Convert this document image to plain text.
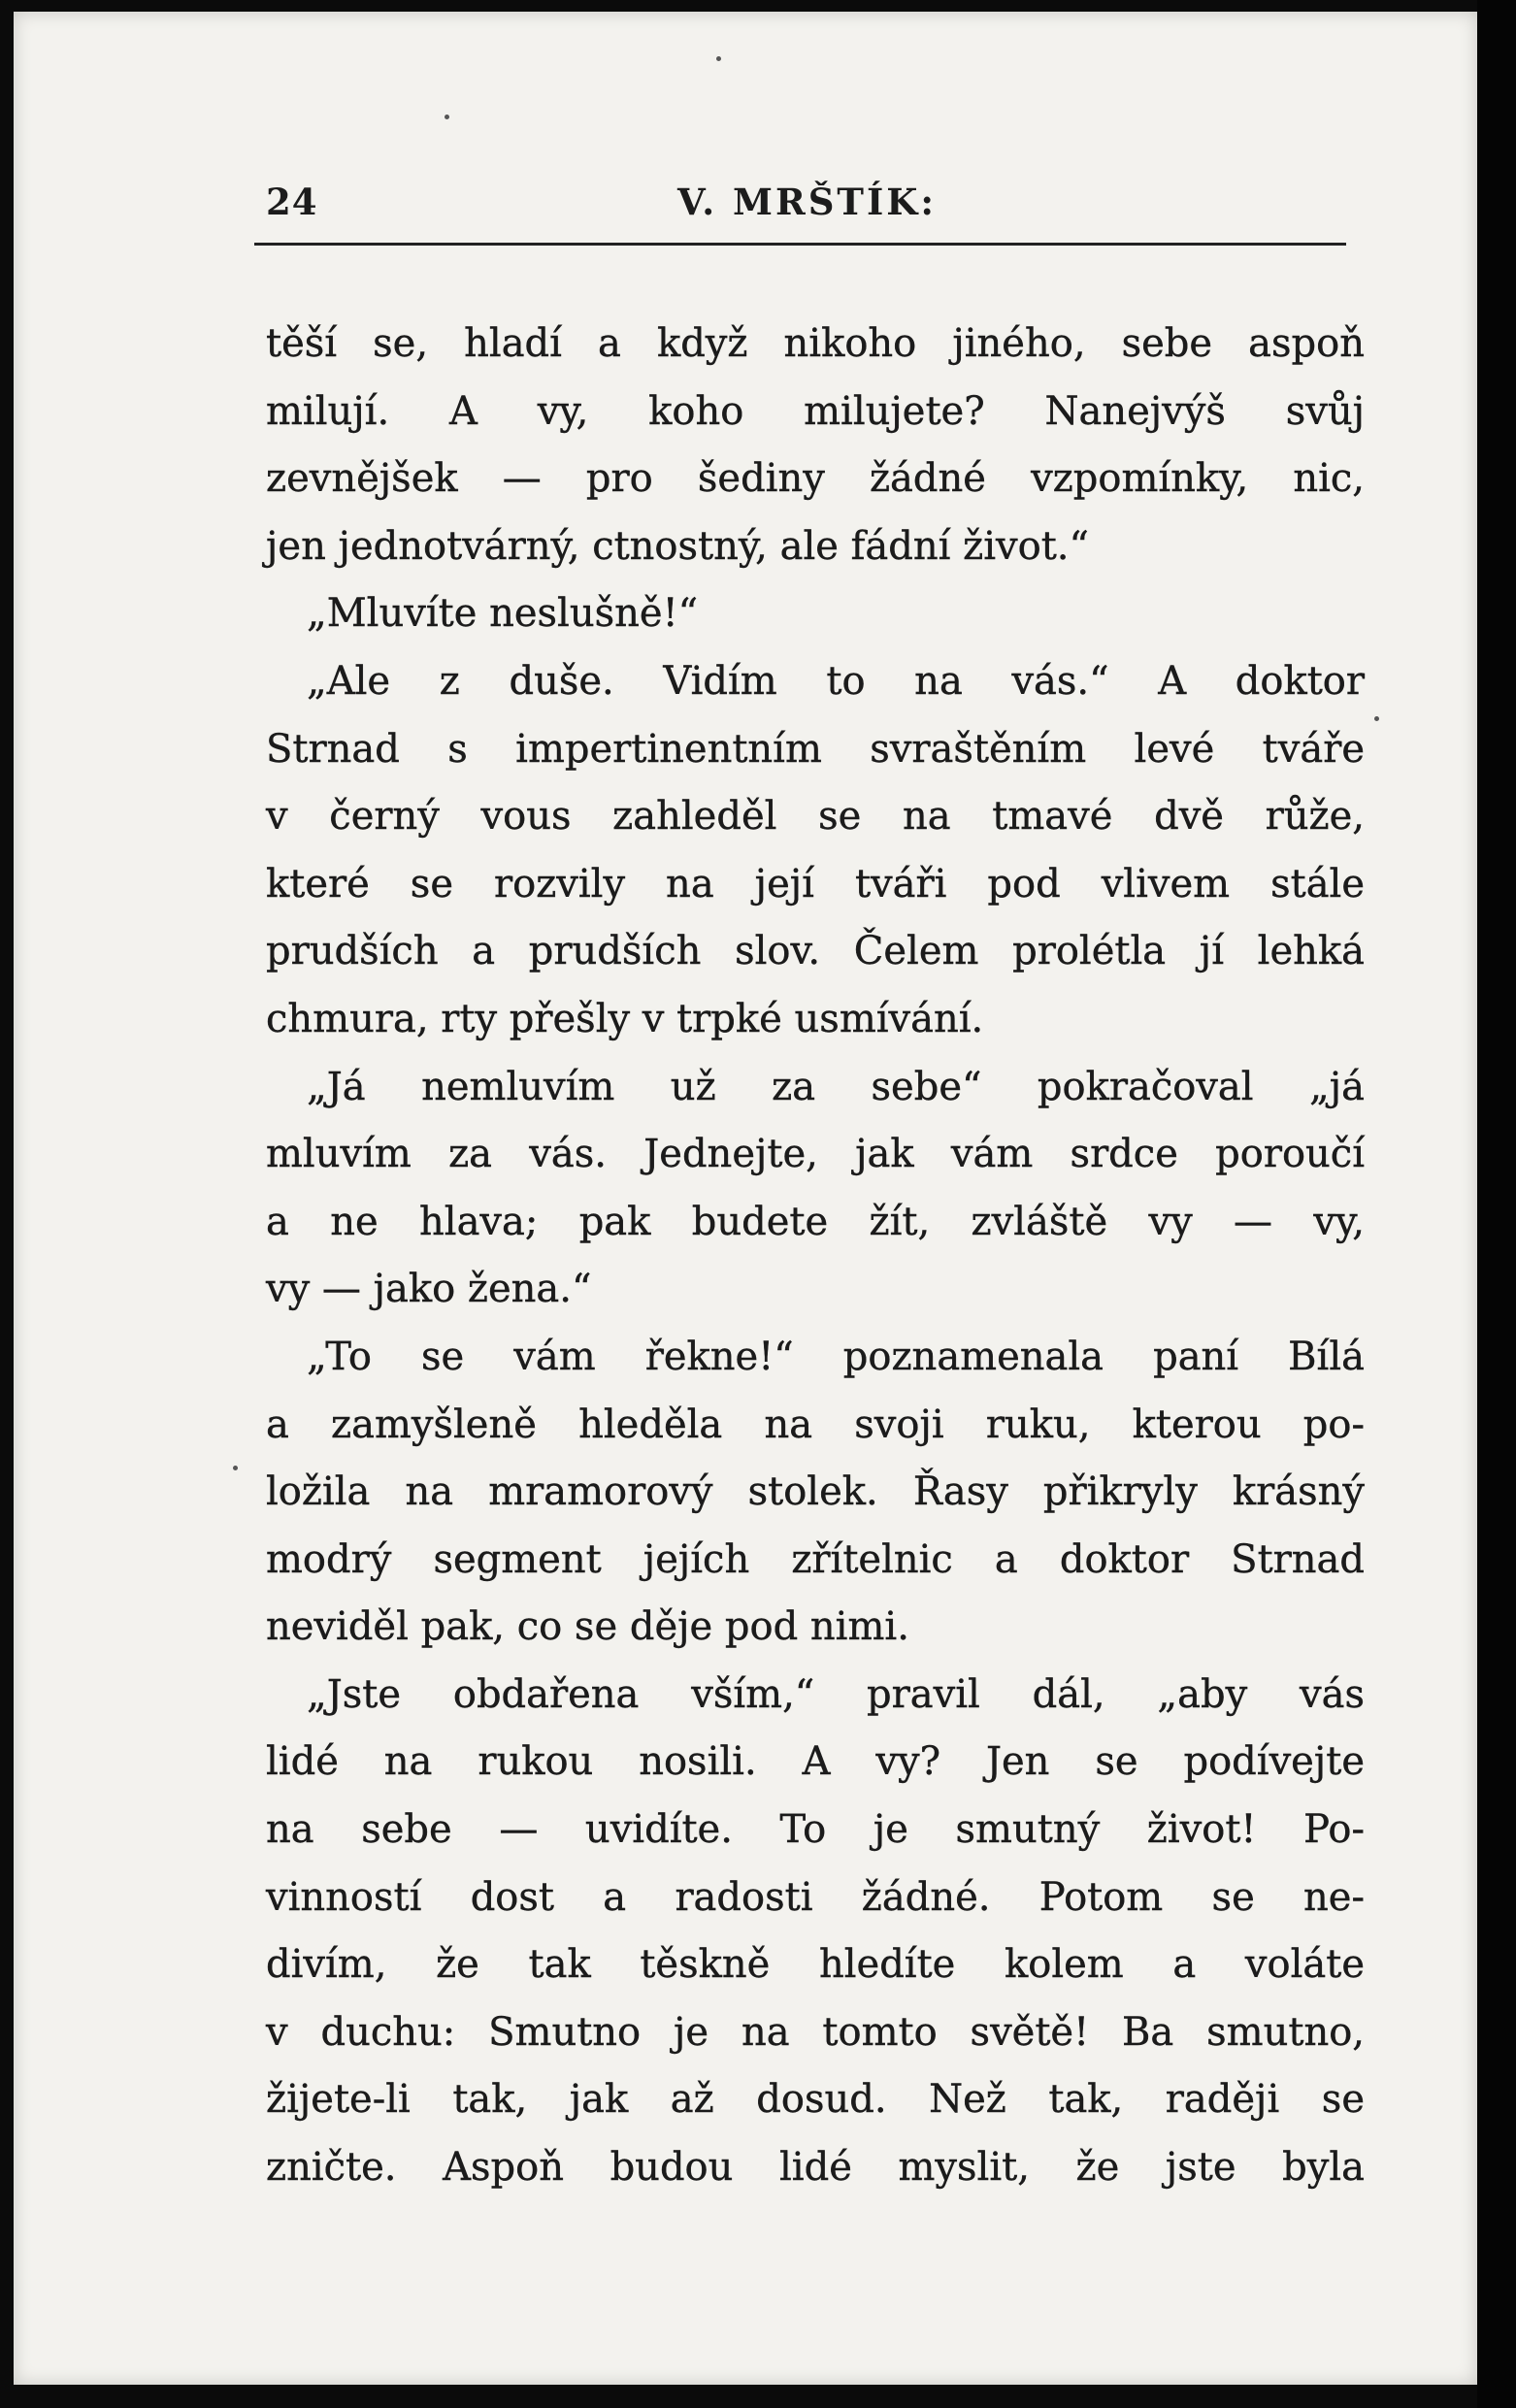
24	V. MRŠTÍK:
těší se, hladí a když nikoho jiného, sebe aspoň
milují. A vy, koho milujete? Nanejvýš svůj
zevnějšek — pro šediny žádné vzpomínky, nic,
jen jednotvárný, ctnostný, ale fádní život.“
„Mluvíte neslušně!“
„Ale z duše. Vidím to na vás.“ A doktor
Strnad s impertinentním svraštěním levé tváře
v černý vous zahleděl se na tmavé dvě růže,
které se rozvily na její tváři pod vlivem stále
prudších a prudších slov. Čelem prolétla jí lehká
chmura, rty přešly v trpké usmívání.
„Já nemluvím už za sebe“ pokračoval „já
mluvím za vás. Jednejte, jak vám srdce poroučí
a ne hlava; pak budete žít, zvláště vy — vy,
vy — jako žena.“
„To se vám řekne!“ poznamenala paní Bílá
a zamyšleně hleděla na svoji ruku, kterou po-
ložila na mramorový stolek. Řasy přikryly krásný
modrý segment jejích zřítelnic a doktor Strnad
neviděl pak, co se děje pod nimi.
„Jste obdařena vším,“ pravil dál, „aby vás
lidé na rukou nosili. A vy? Jen se podívejte
na sebe — uvidíte. To je smutný život! Po-
vinností dost a radosti žádné. Potom se ne-
divím, že tak těskně hledíte kolem a voláte
v duchu: Smutno je na tomto světě! Ba smutno,
žijete-li tak, jak až dosud. Než tak, raději se
zničte. Aspoň budou lidé myslit, že jste byla
